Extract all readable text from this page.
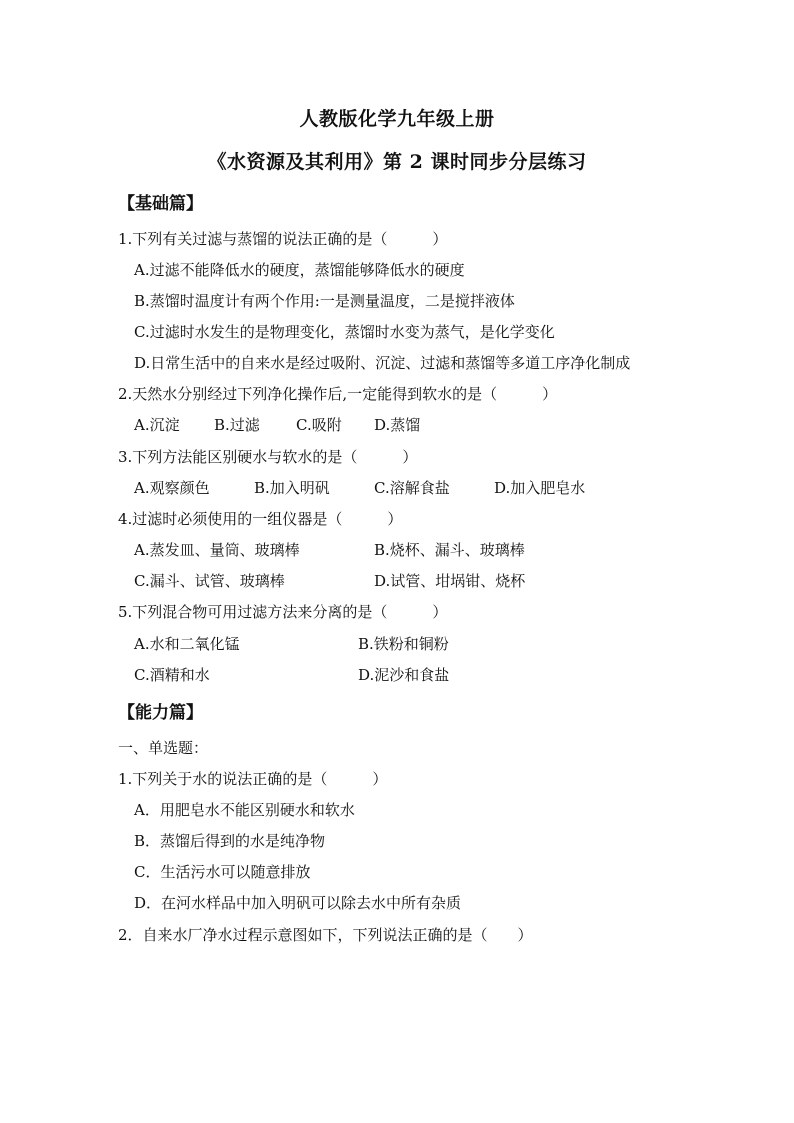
人教版化学九年级上册
《水资源及其利用》第 2 课时同步分层练习
【基础篇】
1.下列有关过滤与蒸馏的说法正确的是（　　　）
A.过滤不能降低水的硬度，蒸馏能够降低水的硬度
B.蒸馏时温度计有两个作用:一是测量温度，二是搅拌液体
C.过滤时水发生的是物理变化，蒸馏时水变为蒸气，是化学变化
D.日常生活中的自来水是经过吸附、沉淀、过滤和蒸馏等多道工序净化制成
2.天然水分别经过下列净化操作后,一定能得到软水的是（　　　）
A.沉淀 B.过滤 C.吸附 D.蒸馏
3.下列方法能区别硬水与软水的是（　　　）
A.观察颜色	B.加入明矾	C.溶解食盐	D.加入肥皂水
4.过滤时必须使用的一组仪器是（　　　）
A.蒸发皿、量筒、玻璃棒	B.烧杯、漏斗、玻璃棒
C.漏斗、试管、玻璃棒	D.试管、坩埚钳、烧杯
5.下列混合物可用过滤方法来分离的是（　　　）
A.水和二氧化锰	B.铁粉和铜粉
C.酒精和水	D.泥沙和食盐
【能力篇】
一、单选题：
1.下列关于水的说法正确的是（　　　）
A．用肥皂水不能区别硬水和软水
B．蒸馏后得到的水是纯净物
C．生活污水可以随意排放
D．在河水样品中加入明矾可以除去水中所有杂质
2．自来水厂净水过程示意图如下，下列说法正确的是（　　）
